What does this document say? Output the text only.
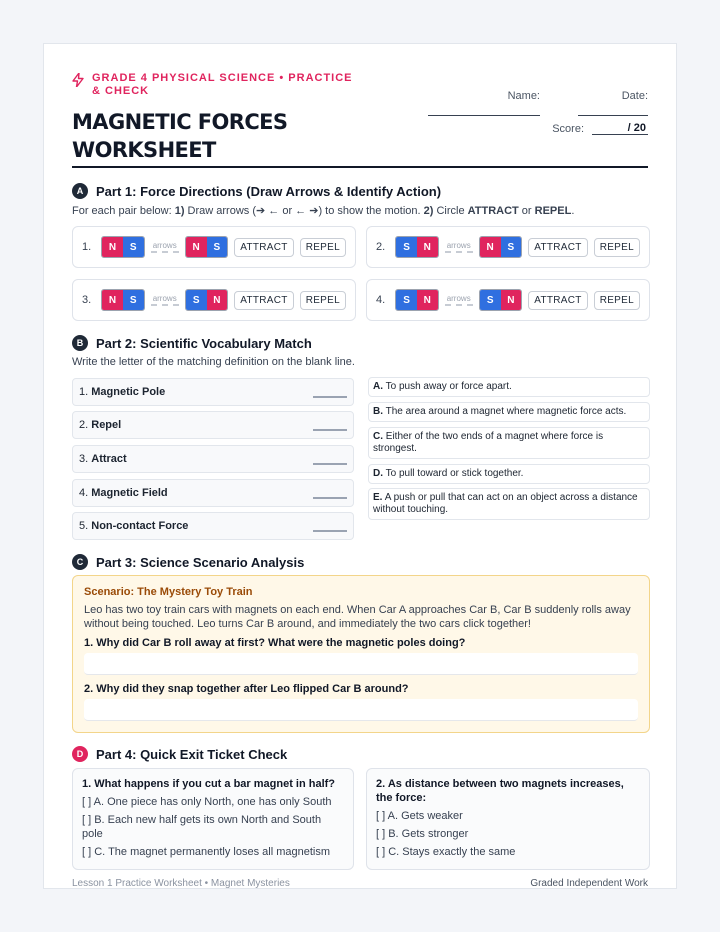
GRADE 4 PHYSICAL SCIENCE • PRACTICE & CHECK
MAGNETIC FORCES WORKSHEET
Name:	Date:
Score:	/ 20
A Part 1: Force Directions (Draw Arrows & Identify Action)
For each pair below: 1) Draw arrows (➔ ← or ← ➔) to show the motion. 2) Circle ATTRACT or REPEL.
B Part 2: Scientific Vocabulary Match
Write the letter of the matching definition on the blank line.
C Part 3: Science Scenario Analysis
Scenario: The Mystery Toy Train
Leo has two toy train cars with magnets on each end. When Car A approaches Car B, Car B suddenly rolls away without being touched. Leo turns Car B around, and immediately the two cars click together!
1. Why did Car B roll away at first? What were the magnetic poles doing?
2. Why did they snap together after Leo flipped Car B around?
D Part 4: Quick Exit Ticket Check
1. What happens if you cut a bar magnet in half?
[ ] A. One piece has only North, one has only South
[ ] B. Each new half gets its own North and South pole
[ ] C. The magnet permanently loses all magnetism
2. As distance between two magnets increases, the force:
[ ] A. Gets weaker
[ ] B. Gets stronger
[ ] C. Stays exactly the same
Lesson 1 Practice Worksheet • Magnet Mysteries	Graded Independent Work
1.	N	S	arrows	N	S	ATTRACT	REPEL	2.	S	N	arrows	N	S	ATTRACT	REPEL
3.	N	S	arrows	S	N	ATTRACT	REPEL	4.	S	N	arrows	S	N	ATTRACT	REPEL
1. Magnetic Pole
2. Repel
3. Attract
4. Magnetic Field
5. Non-contact Force
A. To push away or force apart.
B. The area around a magnet where magnetic force acts.
C. Either of the two ends of a magnet where force is strongest.
D. To pull toward or stick together.
E. A push or pull that can act on an object across a distance without touching.
